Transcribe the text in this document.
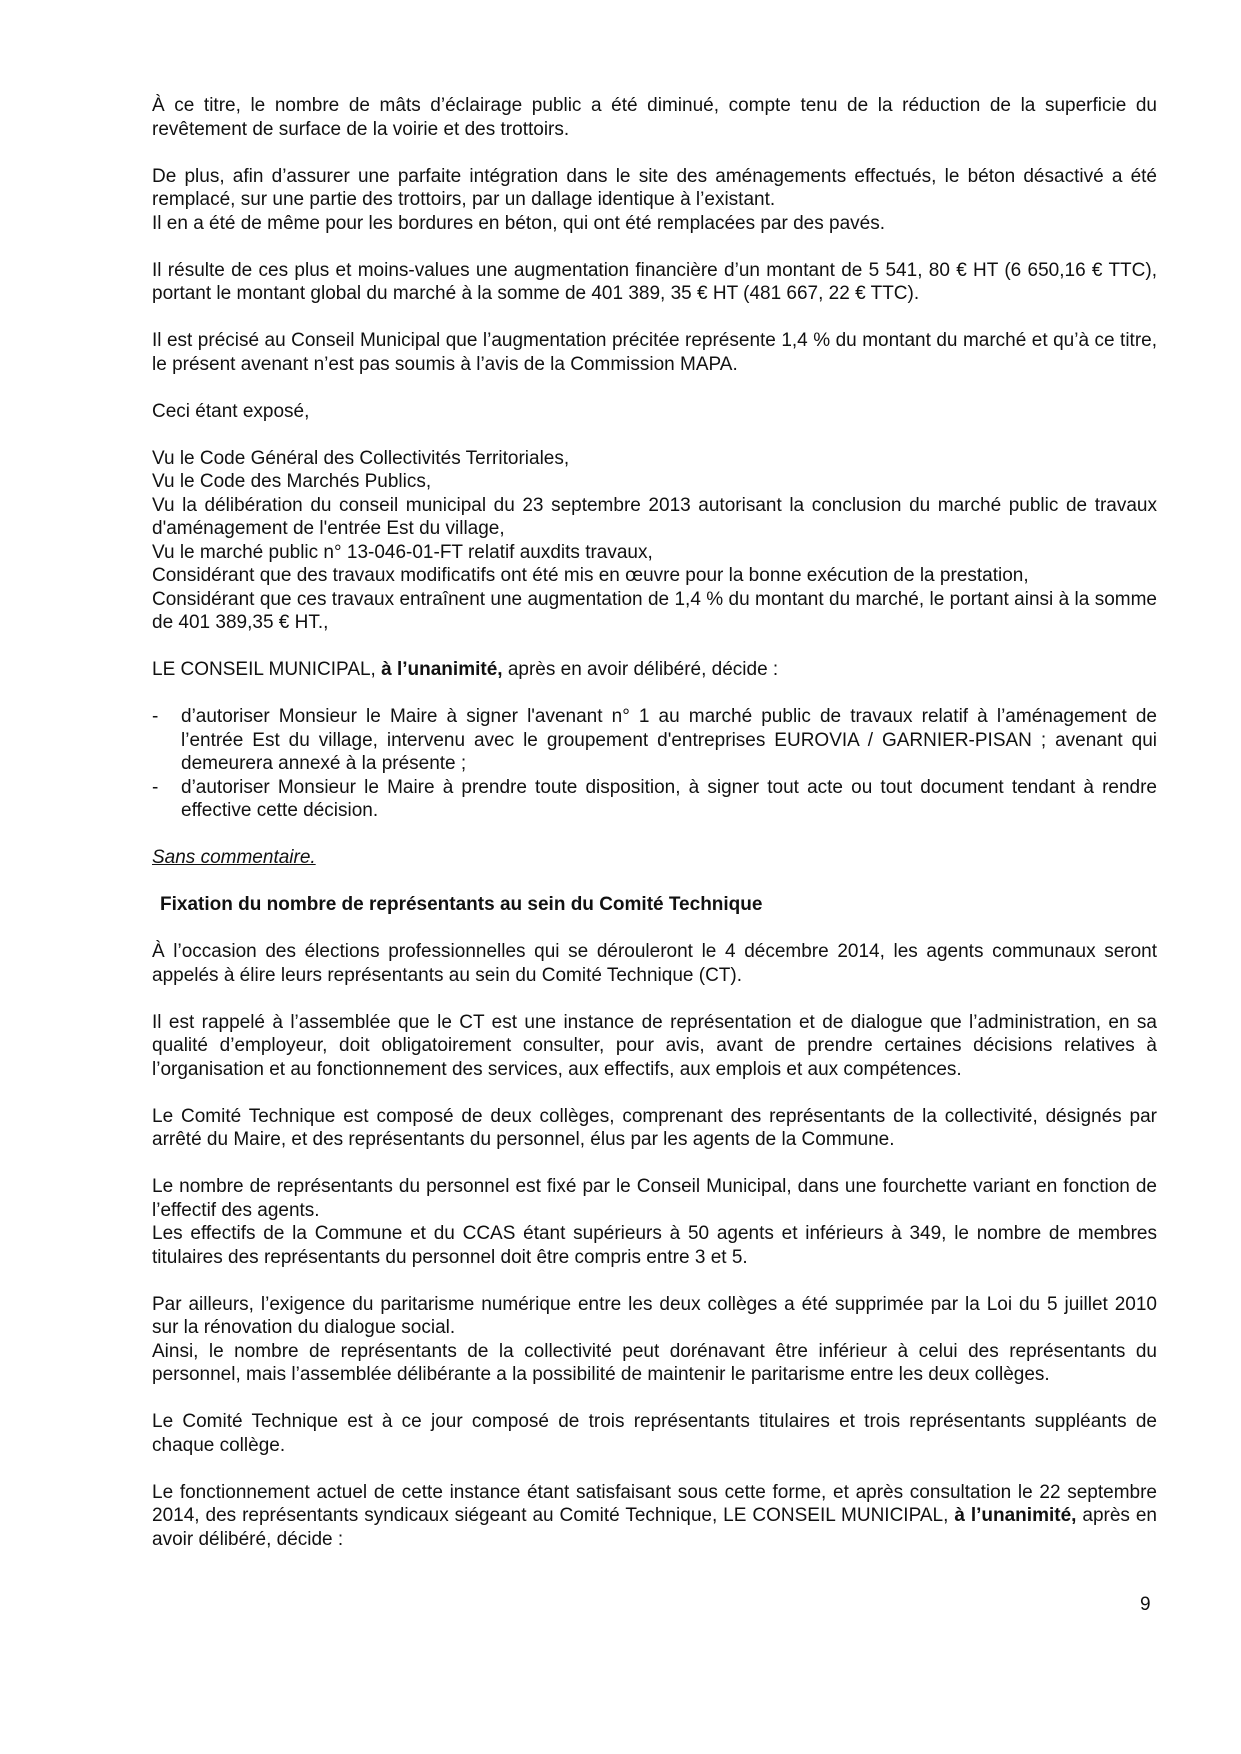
À ce titre, le nombre de mâts d’éclairage public a été diminué, compte tenu de la réduction de la superficie du revêtement de surface de la voirie et des trottoirs.

De plus, afin d’assurer une parfaite intégration dans le site des aménagements effectués, le béton désactivé a été remplacé, sur une partie des trottoirs, par un dallage identique à l’existant.
Il en a été de même pour les bordures en béton, qui ont été remplacées par des pavés.

Il résulte de ces plus et moins-values une augmentation financière d’un montant de 5 541, 80 € HT (6 650,16 € TTC), portant le montant global du marché à la somme de 401 389, 35 € HT (481 667, 22 € TTC).

Il est précisé au Conseil Municipal que l’augmentation précitée représente 1,4 % du montant du marché et qu’à ce titre, le présent avenant n’est pas soumis à l’avis de la Commission MAPA.

Ceci étant exposé,

Vu le Code Général des Collectivités Territoriales,
Vu le Code des Marchés Publics,
Vu la délibération du conseil municipal du 23 septembre 2013 autorisant la conclusion du marché public de travaux d'aménagement de l'entrée Est du village,
Vu le marché public n° 13-046-01-FT relatif auxdits travaux,
Considérant que des travaux modificatifs ont été mis en œuvre pour la bonne exécution de la prestation,
Considérant que ces travaux entraînent une augmentation de 1,4 % du montant du marché, le portant ainsi à la somme de 401 389,35 € HT.,

LE CONSEIL MUNICIPAL, à l’unanimité, après en avoir délibéré, décide :

- d’autoriser Monsieur le Maire à signer l'avenant n° 1 au marché public de travaux relatif à l’aménagement de l’entrée Est du village, intervenu avec le groupement d'entreprises EUROVIA / GARNIER-PISAN ; avenant qui demeurera annexé à la présente ;
- d’autoriser Monsieur le Maire à prendre toute disposition, à signer tout acte ou tout document tendant à rendre effective cette décision.

Sans commentaire.

Fixation du nombre de représentants au sein du Comité Technique

À l’occasion des élections professionnelles qui se dérouleront le 4 décembre 2014, les agents communaux seront appelés à élire leurs représentants au sein du Comité Technique (CT).

Il est rappelé à l’assemblée que le CT est une instance de représentation et de dialogue que l’administration, en sa qualité d’employeur, doit obligatoirement consulter, pour avis, avant de prendre certaines décisions relatives à l’organisation et au fonctionnement des services, aux effectifs, aux emplois et aux compétences.

Le Comité Technique est composé de deux collèges, comprenant des représentants de la collectivité, désignés par arrêté du Maire, et des représentants du personnel, élus par les agents de la Commune.

Le nombre de représentants du personnel est fixé par le Conseil Municipal, dans une fourchette variant en fonction de l’effectif des agents.
Les effectifs de la Commune et du CCAS étant supérieurs à 50 agents et inférieurs à 349, le nombre de membres titulaires des représentants du personnel doit être compris entre 3 et 5.

Par ailleurs, l’exigence du paritarisme numérique entre les deux collèges a été supprimée par la Loi du 5 juillet 2010 sur la rénovation du dialogue social.
Ainsi, le nombre de représentants de la collectivité peut dorénavant être inférieur à celui des représentants du personnel, mais l’assemblée délibérante a la possibilité de maintenir le paritarisme entre les deux collèges.

Le Comité Technique est à ce jour composé de trois représentants titulaires et trois représentants suppléants de chaque collège.

Le fonctionnement actuel de cette instance étant satisfaisant sous cette forme, et après consultation le 22 septembre 2014, des représentants syndicaux siégeant au Comité Technique, LE CONSEIL MUNICIPAL, à l’unanimité, après en avoir délibéré, décide :

9
